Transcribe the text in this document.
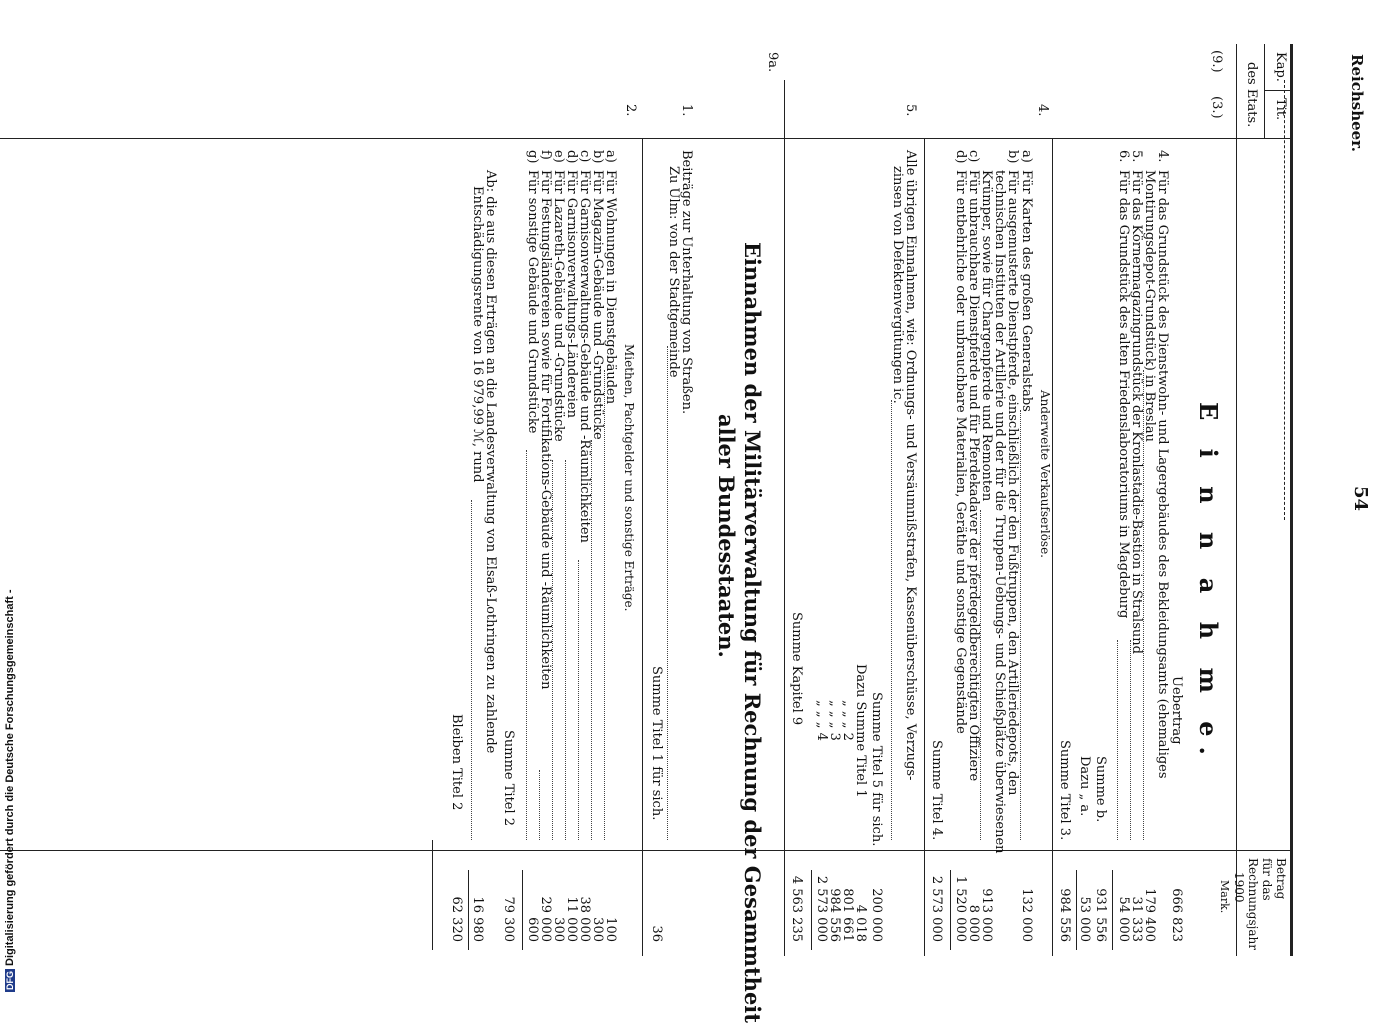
Reichsheer.
54
Kap.
Tit.
des Etats.
Betrag
für das
Rechnungsjahr
1900
Mark.
(9.)
(3.)
E i n n a h m e.
Uebertrag
666 823
4.
Für das Grundstück des Dienstwohn- und Lagergebäudes des Bekleidungsamts (ehemaliges
Montirungsdepot-Grundstück) in Breslau
179 400
5.
Für das Körnermagazingrundstück der Kronlastadie-Bastion in Stralsund
31 333
6.
Für das Grundstück des alten Friedenslaboratoriums in Magdeburg
54 000
Summe b.
931 556
Dazu „ a.
53 000
Summe Titel 3.
984 556
4.
Anderweite Verkaufserlöse.
a)
Für Karten des großen Generalstabs
132 000
b)
Für ausgemusterte Dienstpferde, einschließlich der den Fußtruppen, den Artilleriedepots, den
technischen Instituten der Artillerie und der für die Truppen-Uebungs- und Schießplätze überwiesenen
Krümper, sowie für Chargenpferde und Remonten
913 000
c)
Für unbrauchbare Dienstpferde und für Pferdekadaver der pferdegeldberechtigten Offiziere
8 000
d)
Für entbehrliche oder unbrauchbare Materialien, Geräthe und sonstige Gegenstände
1 520 000
Summe Titel 4.
2 573 000
5.
Alle übrigen Einnahmen, wie: Ordnungs- und Versäumnißstrafen, Kassenüberschüsse, Verzugs-
zinsen von Defektenvergütungen ic.
Summe Titel 5 für sich.
200 000
Dazu Summe Titel 1
4 018
„ „ „ 2
801 661
„ „ „ 3
984 556
„ „ „ 4
2 573 000
Summe Kapitel 9
4 563 235
9a.
Einnahmen der Militärverwaltung für Rechnung der Gesammtheit
aller Bundesstaaten.
1.
Beiträge zur Unterhaltung von Straßen.
Zu Ulm: von der Stadtgemeinde
Summe Titel 1 für sich.
36
2.
Miethen, Pachtgelder und sonstige Erträge.
a)
Für Wohnungen in Dienstgebäuden
100
b)
Für Magazin-Gebäude und -Grundstücke
300
c)
Für Garnisonverwaltungs-Gebäude und -Räumlichkeiten
38 000
d)
Für Garnisonverwaltungs-Ländereien
11 000
e)
Für Lazareth-Gebäude und -Grundstücke
300
f)
Für Festungsländereien sowie für Fortifikations-Gebäude und -Räumlichkeiten
29 000
g)
Für sonstige Gebäude und Grundstücke
600
Summe Titel 2
79 300
Ab: die aus diesen Erträgen an die Landesverwaltung von Elsaß-Lothringen zu zahlende
Entschädigungsrente von 16 979,99 ℳ, rund
16 980
Bleiben Titel 2
62 320
DFGDigitalisierung gefördert durch die Deutsche Forschungsgemeinschaft -
